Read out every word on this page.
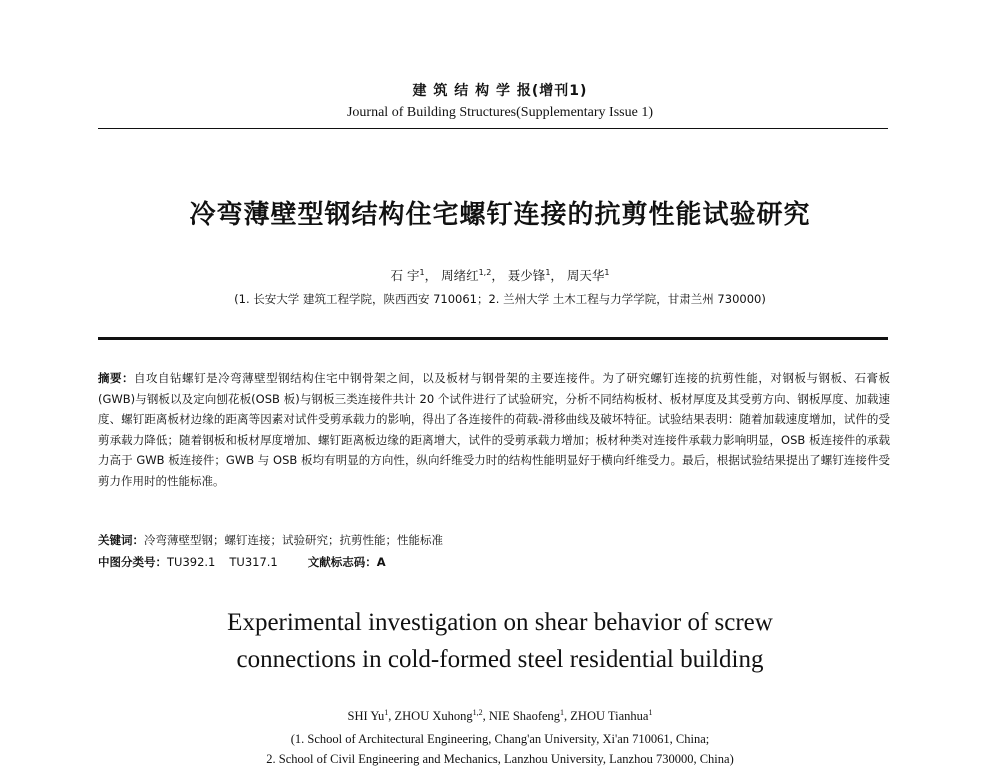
建 筑 结 构 学 报(增刊1)
Journal of Building Structures(Supplementary Issue 1)
冷弯薄壁型钢结构住宅螺钉连接的抗剪性能试验研究
石 宇$^1$， 周绪红$^{1,2}$， 聂少锋$^1$， 周天华$^1$
(1. 长安大学 建筑工程学院，陕西西安 710061；2. 兰州大学 土木工程与力学学院，甘肃兰州 730000)
摘要：自攻自钻螺钉是冷弯薄壁型钢结构住宅中钢骨架之间，以及板材与钢骨架的主要连接件。为了研究螺钉连接的抗剪性能，对钢板与钢板、石膏板(GWB)与钢板以及定向刨花板(OSB 板)与钢板三类连接件共计 20 个试件进行了试验研究，分析不同结构板材、板材厚度及其受剪方向、钢板厚度、加载速度、螺钉距离板材边缘的距离等因素对试件受剪承载力的影响，得出了各连接件的荷载-滑移曲线及破坏特征。试验结果表明：随着加载速度增加，试件的受剪承载力降低；随着钢板和板材厚度增加、螺钉距离板边缘的距离增大，试件的受剪承载力增加；板材种类对连接件承载力影响明显，OSB 板连接件的承载力高于 GWB 板连接件；GWB 与 OSB 板均有明显的方向性，纵向纤维受力时的结构性能明显好于横向纤维受力。最后，根据试验结果提出了螺钉连接件受剪力作用时的性能标准。
关键词：冷弯薄壁型钢；螺钉连接；试验研究；抗剪性能；性能标准
中图分类号：TU392.1 TU317.1	文献标志码：A
Experimental investigation on shear behavior of screw
connections in cold-formed steel residential building
SHI Yu$^1$, ZHOU Xuhong$^{1,2}$, NIE Shaofeng$^1$, ZHOU Tianhua$^1$
(1. School of Architectural Engineering, Chang'an University, Xi'an 710061, China;
2. School of Civil Engineering and Mechanics, Lanzhou University, Lanzhou 730000, China)
